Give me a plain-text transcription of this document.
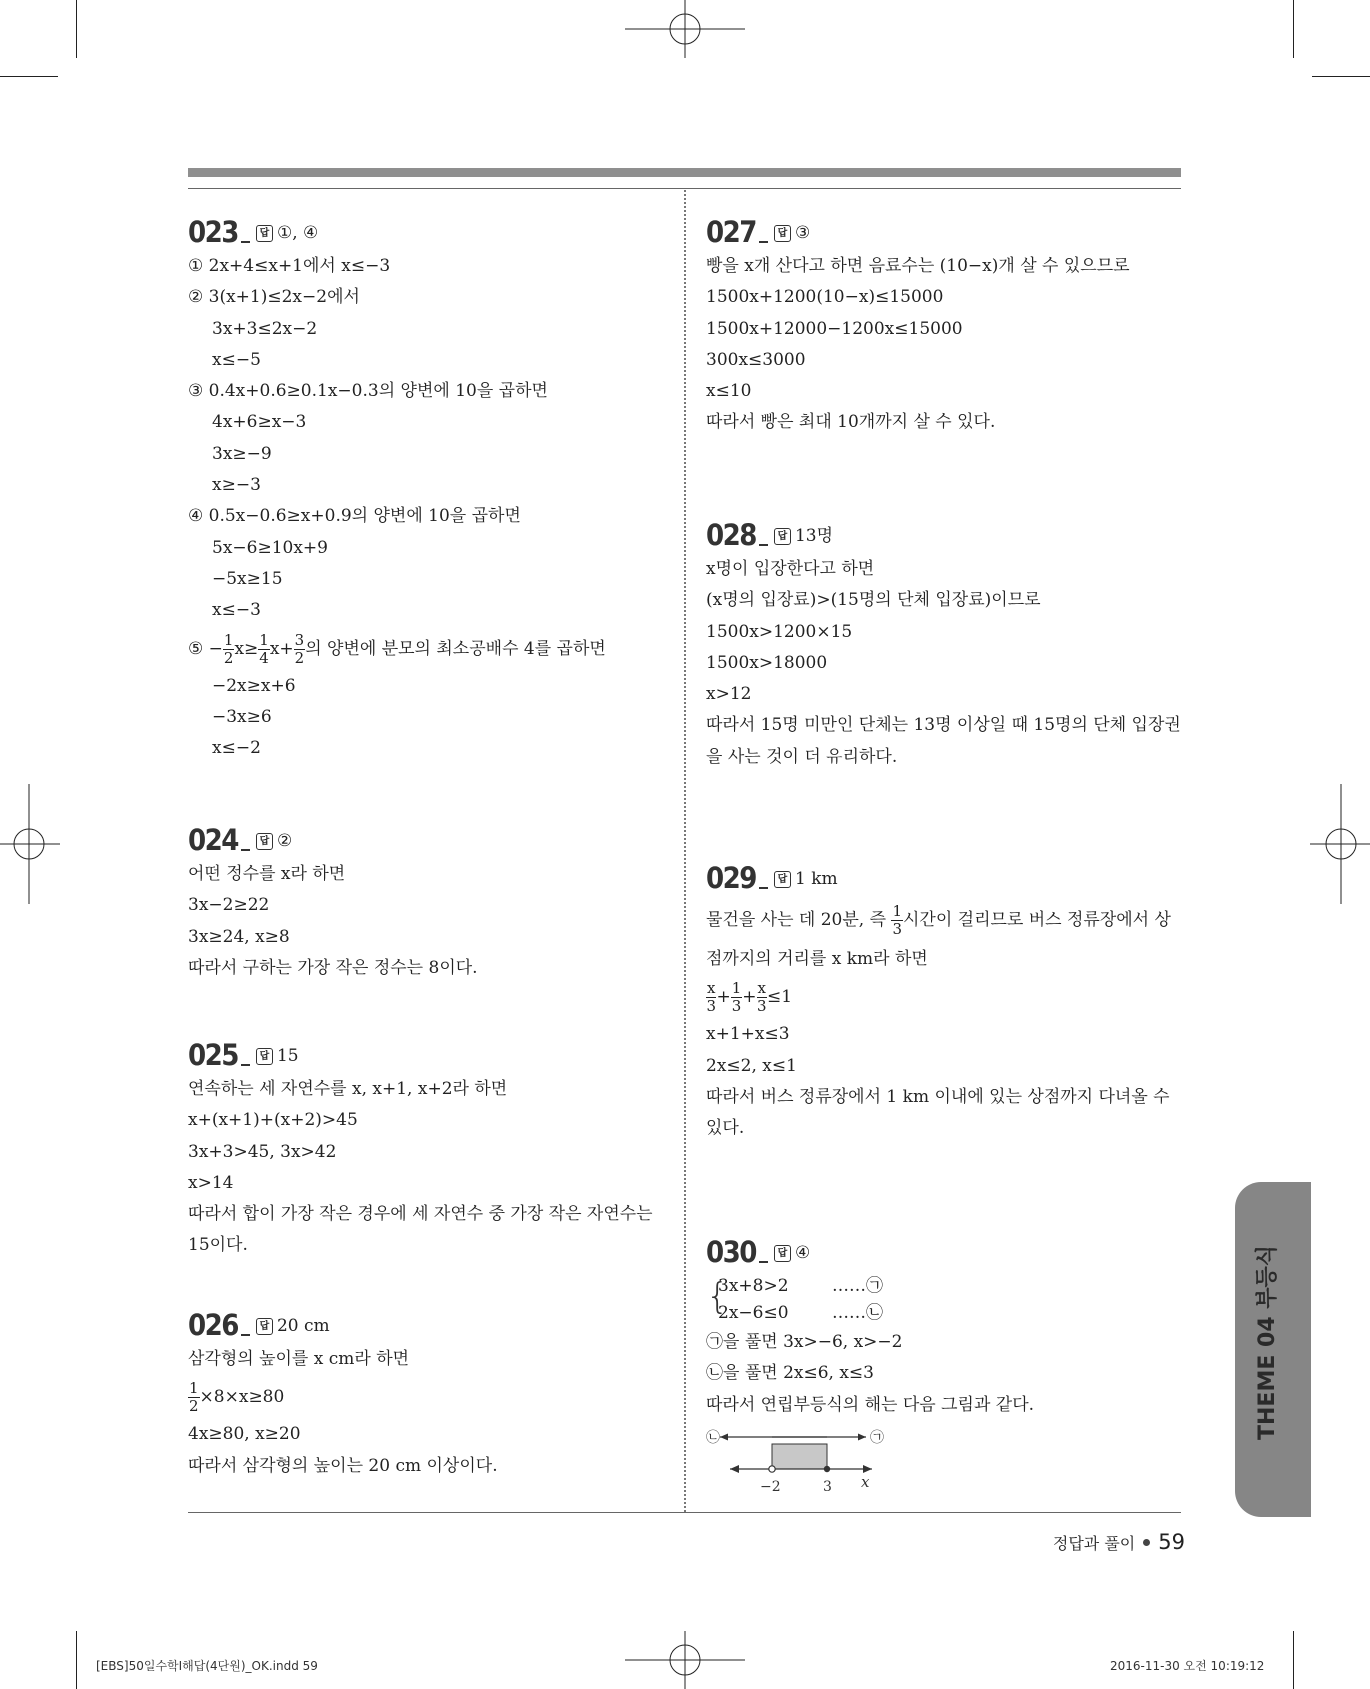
023	답 ①, ④
① 2x+4≤x+1에서 x≤−3
② 3(x+1)≤2x−2에서
3x+3≤2x−2
x≤−5
③ 0.4x+0.6≥0.1x−0.3의 양변에 10을 곱하면
4x+6≥x−3
3x≥−9
x≥−3
④ 0.5x−0.6≥x+0.9의 양변에 10을 곱하면
5x−6≥10x+9
−5x≥15
x≤−3
⑤ − $\frac{1}{2} x\ge \frac{1}{4} x+ \frac{3}{2}$ 의 양변에 분모의 최소공배수 4를 곱하면
−2x≥x+6
−3x≥6
x≤−2
024	답 ②
어떤 정수를 x라 하면
3x−2≥22
3x≥24, x≥8
따라서 구하는 가장 작은 정수는 8이다.
025	답 15
연속하는 세 자연수를 x, x+1, x+2라 하면
x+(x+1)+(x+2)>45
3x+3>45, 3x>42
x>14
따라서 합이 가장 작은 경우에 세 자연수 중 가장 작은 자연수는
15이다.
026	답 20 cm
삼각형의 높이를 x cm라 하면
$\frac{1}{2} \times 8\times x\ge 80$
4x≥80, x≥20
따라서 삼각형의 높이는 20 cm 이상이다.
027	답 ③
빵을 x개 산다고 하면 음료수는 (10−x)개 살 수 있으므로
1500x+1200(10−x)≤15000
1500x+12000−1200x≤15000
300x≤3000
x≤10
따라서 빵은 최대 10개까지 살 수 있다.
028	답 13명
x명이 입장한다고 하면
(x명의 입장료)>(15명의 단체 입장료)이므로
1500x>1200×15
1500x>18000
x>12
따라서 15명 미만인 단체는 13명 이상일 때 15명의 단체 입장권
을 사는 것이 더 유리하다.
029	답 1 km
물건을 사는 데 20분, 즉 $\frac{1}{3}$ 시간이 걸리므로 버스 정류장에서 상
점까지의 거리를 x km라 하면
$\frac{x}{3} + \frac{1}{3} + \frac{x}{3} \le 1$
x+1+x≤3
2x≤2, x≤1
따라서 버스 정류장에서 1 km 이내에 있는 상점까지 다녀올 수
있다.
030	답 ④
{
3x+8>2	……㉠
2x−6≤0	……㉡
㉠을 풀면 3x>−6, x>−2
㉡을 풀면 2x≤6, x≤3
따라서 연립부등식의 해는 다음 그림과 같다.
㉡	㉠
−2	3 x
THEME 04 부등식
정답과 풀이 59
[EBS]50일수학Ⅰ해답(4단원)_OK.indd 59	2016-11-30 오전 10:19:12
